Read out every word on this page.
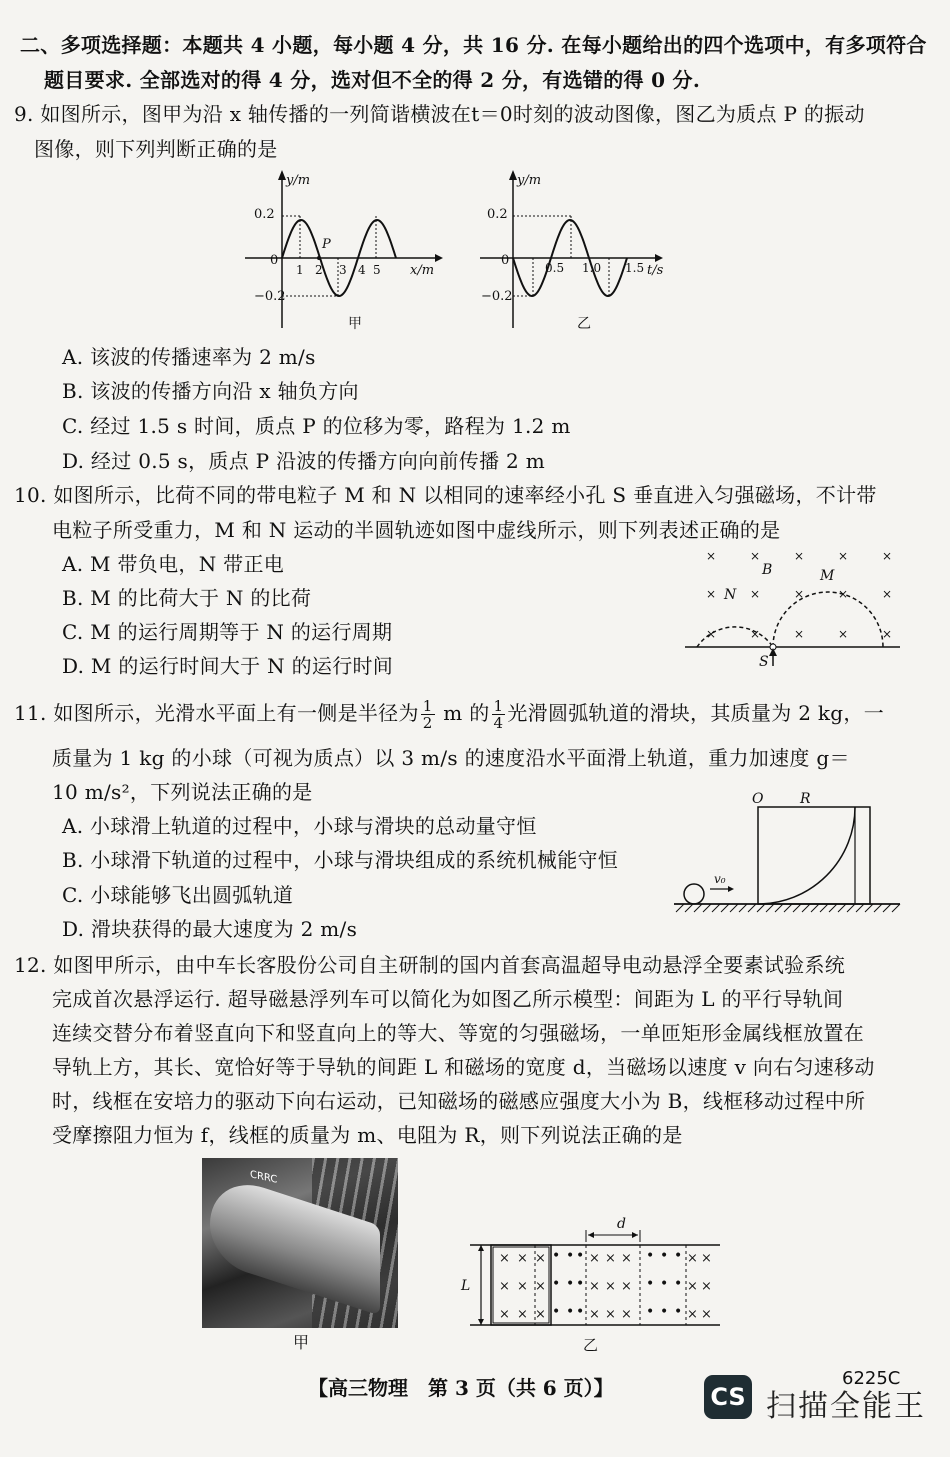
二、多项选择题：本题共 4 小题，每小题 4 分，共 16 分. 在每小题给出的四个选项中，有多项符合
题目要求. 全部选对的得 4 分，选对但不全的得 2 分，有选错的得 0 分.
9. 如图所示，图甲为沿 x 轴传播的一列简谐横波在t＝0时刻的波动图像，图乙为质点 P 的振动
图像，则下列判断正确的是
y/m
x/m
0.2
−0.2
0
P
1 2 3 4 5
甲
y/m
t/s
0.2
−0.2
0	0.5 1.0 1.5
乙
A. 该波的传播速率为 2 m/s
B. 该波的传播方向沿 x 轴负方向
C. 经过 1.5 s 时间，质点 P 的位移为零，路程为 1.2 m
D. 经过 0.5 s，质点 P 沿波的传播方向向前传播 2 m
10. 如图所示，比荷不同的带电粒子 M 和 N 以相同的速率经小孔 S 垂直进入匀强磁场，不计带
电粒子所受重力，M 和 N 运动的半圆轨迹如图中虚线所示，则下列表述正确的是
A. M 带负电，N 带正电
B. M 的比荷大于 N 的比荷
C. M 的运行周期等于 N 的运行周期
D. M 的运行时间大于 N 的运行时间
×	×	×	×	×
×	×	×	×	×
×	×	×	×	×
B	M
N
S
11. 如图所示，光滑水平面上有一侧是半径为 $\frac{1}{2}$ m 的 $\frac{1}{4}$ 光滑圆弧轨道的滑块，其质量为 2 kg，一
质量为 1 kg 的小球（可视为质点）以 3 m/s 的速度沿水平面滑上轨道，重力加速度 g＝
10 m/s²，下列说法正确的是
A. 小球滑上轨道的过程中，小球与滑块的总动量守恒
B. 小球滑下轨道的过程中，小球与滑块组成的系统机械能守恒
C. 小球能够飞出圆弧轨道
D. 滑块获得的最大速度为 2 m/s
O	R
v₀
12. 如图甲所示，由中车长客股份公司自主研制的国内首套高温超导电动悬浮全要素试验系统
完成首次悬浮运行. 超导磁悬浮列车可以简化为如图乙所示模型：间距为 L 的平行导轨间
连续交替分布着竖直向下和竖直向上的等大、等宽的匀强磁场，一单匝矩形金属线框放置在
导轨上方，其长、宽恰好等于导轨的间距 L 和磁场的宽度 d，当磁场以速度 v 向右匀速移动
时，线框在安培力的驱动下向右运动，已知磁场的磁感应强度大小为 B，线框移动过程中所
受摩擦阻力恒为 f，线框的质量为 m、电阻为 R，则下列说法正确的是
CRRC
甲
d
L
× × ×	× × ×	× ×
• • •	• • •
× × ×	× × ×	× ×
• • •	• • •
× × ×	× × ×	× ×
• • •	• • •
乙
【高三物理　第 3 页（共 6 页）】	6225C
CS 扫描全能王
